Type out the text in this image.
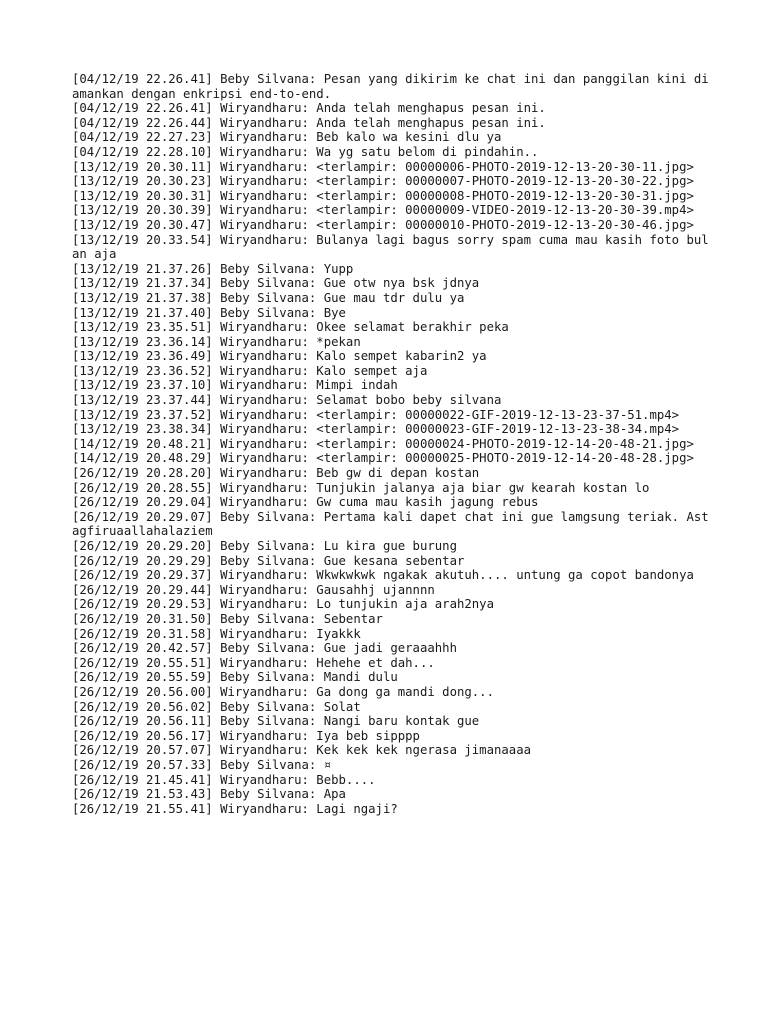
[04/12/19 22.26.41] Beby Silvana: Pesan yang dikirim ke chat ini dan panggilan kini diamankan dengan enkripsi end-to-end.
[04/12/19 22.26.41] Wiryandharu: Anda telah menghapus pesan ini.
[04/12/19 22.26.44] Wiryandharu: Anda telah menghapus pesan ini.
[04/12/19 22.27.23] Wiryandharu: Beb kalo wa kesini dlu ya
[04/12/19 22.28.10] Wiryandharu: Wa yg satu belom di pindahin..
[13/12/19 20.30.11] Wiryandharu: <terlampir: 00000006-PHOTO-2019-12-13-20-30-11.jpg>
[13/12/19 20.30.23] Wiryandharu: <terlampir: 00000007-PHOTO-2019-12-13-20-30-22.jpg>
[13/12/19 20.30.31] Wiryandharu: <terlampir: 00000008-PHOTO-2019-12-13-20-30-31.jpg>
[13/12/19 20.30.39] Wiryandharu: <terlampir: 00000009-VIDEO-2019-12-13-20-30-39.mp4>
[13/12/19 20.30.47] Wiryandharu: <terlampir: 00000010-PHOTO-2019-12-13-20-30-46.jpg>
[13/12/19 20.33.54] Wiryandharu: Bulanya lagi bagus sorry spam cuma mau kasih foto bulan aja
[13/12/19 21.37.26] Beby Silvana: Yupp
[13/12/19 21.37.34] Beby Silvana: Gue otw nya bsk jdnya
[13/12/19 21.37.38] Beby Silvana: Gue mau tdr dulu ya
[13/12/19 21.37.40] Beby Silvana: Bye
[13/12/19 23.35.51] Wiryandharu: Okee selamat berakhir peka
[13/12/19 23.36.14] Wiryandharu: *pekan
[13/12/19 23.36.49] Wiryandharu: Kalo sempet kabarin2 ya
[13/12/19 23.36.52] Wiryandharu: Kalo sempet aja
[13/12/19 23.37.10] Wiryandharu: Mimpi indah
[13/12/19 23.37.44] Wiryandharu: Selamat bobo beby silvana
[13/12/19 23.37.52] Wiryandharu: <terlampir: 00000022-GIF-2019-12-13-23-37-51.mp4>
[13/12/19 23.38.34] Wiryandharu: <terlampir: 00000023-GIF-2019-12-13-23-38-34.mp4>
[14/12/19 20.48.21] Wiryandharu: <terlampir: 00000024-PHOTO-2019-12-14-20-48-21.jpg>
[14/12/19 20.48.29] Wiryandharu: <terlampir: 00000025-PHOTO-2019-12-14-20-48-28.jpg>
[26/12/19 20.28.20] Wiryandharu: Beb gw di depan kostan
[26/12/19 20.28.55] Wiryandharu: Tunjukin jalanya aja biar gw kearah kostan lo
[26/12/19 20.29.04] Wiryandharu: Gw cuma mau kasih jagung rebus
[26/12/19 20.29.07] Beby Silvana: Pertama kali dapet chat ini gue lamgsung teriak. Astagfiruaallahalaziem
[26/12/19 20.29.20] Beby Silvana: Lu kira gue burung
[26/12/19 20.29.29] Beby Silvana: Gue kesana sebentar
[26/12/19 20.29.37] Wiryandharu: Wkwkwkwk ngakak akutuh.... untung ga copot bandonya
[26/12/19 20.29.44] Wiryandharu: Gausahhj ujannnn
[26/12/19 20.29.53] Wiryandharu: Lo tunjukin aja arah2nya
[26/12/19 20.31.50] Beby Silvana: Sebentar
[26/12/19 20.31.58] Wiryandharu: Iyakkk
[26/12/19 20.42.57] Beby Silvana: Gue jadi geraaahhh
[26/12/19 20.55.51] Wiryandharu: Hehehe et dah...
[26/12/19 20.55.59] Beby Silvana: Mandi dulu
[26/12/19 20.56.00] Wiryandharu: Ga dong ga mandi dong...
[26/12/19 20.56.02] Beby Silvana: Solat
[26/12/19 20.56.11] Beby Silvana: Nangi baru kontak gue
[26/12/19 20.56.17] Wiryandharu: Iya beb sipppp
[26/12/19 20.57.07] Wiryandharu: Kek kek kek ngerasa jimanaaaa
[26/12/19 20.57.33] Beby Silvana: ¤
[26/12/19 21.45.41] Wiryandharu: Bebb....
[26/12/19 21.53.43] Beby Silvana: Apa
[26/12/19 21.55.41] Wiryandharu: Lagi ngaji?
